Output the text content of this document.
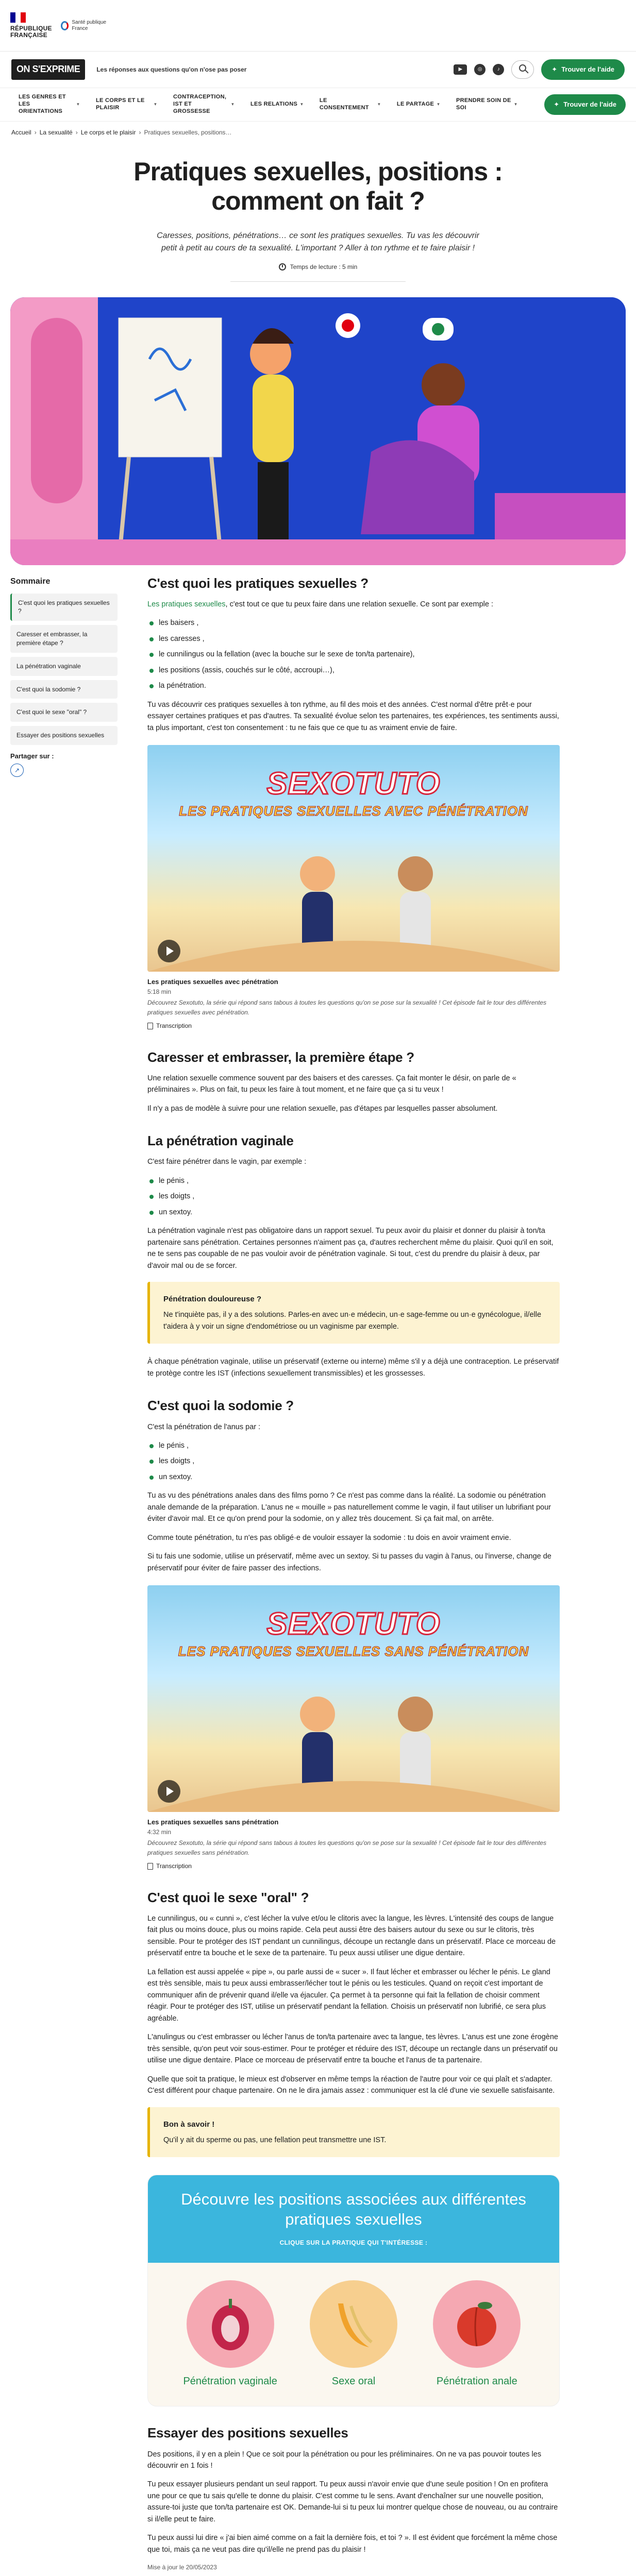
RÉPUBLIQUE FRANÇAISE
Santé publique France
ON S'EXPRIME	Les réponses aux questions qu'on n'ose pas poser	▶	◎	♪	✦ Trouver de l'aide
LES GENRES ET LES ORIENTATIONS
▾
LE CORPS ET LE PLAISIR
▾
CONTRACEPTION, IST ET GROSSESSE
▾	LES RELATIONS ▾
LE CONSENTEMENT
▾	LE PARTAGE ▾
PRENDRE SOIN DE SOI
▾	✦ Trouver de l'aide
Accueil › La sexualité › Le corps et le plaisir › Pratiques sexuelles, positions…
Pratiques sexuelles, positions : comment on fait ?

Caresses, positions, pénétrations… ce sont les pratiques sexuelles. Tu vas les découvrir petit à petit au cours de ta sexualité. L'important ? Aller à ton rythme et te faire plaisir !

Temps de lecture : 5 min
Sommaire
C'est quoi les pratiques sexuelles ?
Caresser et embrasser, la première étape ?
La pénétration vaginale
C'est quoi la sodomie ?
C'est quoi le sexe "oral" ?
Essayer des positions sexuelles
Partager sur :
↗
C'est quoi les pratiques sexuelles ?

Les pratiques sexuelles, c'est tout ce que tu peux faire dans une relation sexuelle. Ce sont par exemple :

les baisers ,
les caresses ,
le cunnilingus ou la fellation (avec la bouche sur le sexe de ton/ta partenaire),
les positions (assis, couchés sur le côté, accroupi…),
la pénétration.

Tu vas découvrir ces pratiques sexuelles à ton rythme, au fil des mois et des années. C'est normal d'être prêt·e pour essayer certaines pratiques et pas d'autres. Ta sexualité évolue selon tes partenaires, tes expériences, tes sentiments aussi, ta plus important, c'est ton consentement : tu ne fais que ce que tu as vraiment envie de faire.

SEXOTUTO
LES PRATIQUES SEXUELLES AVEC PÉNÉTRATION
Les pratiques sexuelles avec pénétration
5:18 min
Découvrez Sexotuto, la série qui répond sans tabous à toutes les questions qu'on se pose sur la sexualité ! Cet épisode fait le tour des différentes pratiques sexuelles avec pénétration.
Transcription
Caresser et embrasser, la première étape ?

Une relation sexuelle commence souvent par des baisers et des caresses. Ça fait monter le désir, on parle de « préliminaires ». Plus on fait, tu peux les faire à tout moment, et ne faire que ça si tu veux !

Il n'y a pas de modèle à suivre pour une relation sexuelle, pas d'étapes par lesquelles passer absolument.

La pénétration vaginale

C'est faire pénétrer dans le vagin, par exemple :

le pénis ,
les doigts ,
un sextoy.

La pénétration vaginale n'est pas obligatoire dans un rapport sexuel. Tu peux avoir du plaisir et donner du plaisir à ton/ta partenaire sans pénétration. Certaines personnes n'aiment pas ça, d'autres recherchent même du plaisir. Quoi qu'il en soit, ne te sens pas coupable de ne pas vouloir avoir de pénétration vaginale. Si tout, c'est du prendre du plaisir à deux, par d'avoir mal ou de se forcer.

Pénétration douloureuse ?

Ne t'inquiète pas, il y a des solutions. Parles-en avec un·e médecin, un·e sage-femme ou un·e gynécologue, il/elle t'aidera à y voir un signe d'endométriose ou un vaginisme par exemple.

À chaque pénétration vaginale, utilise un préservatif (externe ou interne) même s'il y a déjà une contraception. Le préservatif te protège contre les IST (infections sexuellement transmissibles) et les grossesses.

C'est quoi la sodomie ?

C'est la pénétration de l'anus par :

le pénis ,
les doigts ,
un sextoy.

Tu as vu des pénétrations anales dans des films porno ? Ce n'est pas comme dans la réalité. La sodomie ou pénétration anale demande de la préparation. L'anus ne « mouille » pas naturellement comme le vagin, il faut utiliser un lubrifiant pour éviter d'avoir mal. Et ce qu'on prend pour la sodomie, on y allez très doucement. Si ça fait mal, on arrête.

Comme toute pénétration, tu n'es pas obligé·e de vouloir essayer la sodomie : tu dois en avoir vraiment envie.

Si tu fais une sodomie, utilise un préservatif, même avec un sextoy. Si tu passes du vagin à l'anus, ou l'inverse, change de préservatif pour éviter de faire passer des infections.

SEXOTUTO
LES PRATIQUES SEXUELLES SANS PÉNÉTRATION
Les pratiques sexuelles sans pénétration
4:32 min
Découvrez Sexotuto, la série qui répond sans tabous à toutes les questions qu'on se pose sur la sexualité ! Cet épisode fait le tour des différentes pratiques sexuelles sans pénétration.
Transcription
C'est quoi le sexe "oral" ?

Le cunnilingus, ou « cunni », c'est lécher la vulve et/ou le clitoris avec la langue, les lèvres. L'intensité des coups de langue fait plus ou moins douce, plus ou moins rapide. Cela peut aussi être des baisers autour du sexe ou sur le clitoris, très sensible. Pour te protéger des IST pendant un cunnilingus, découpe un rectangle dans un préservatif. Place ce morceau de préservatif entre ta bouche et le sexe de ta partenaire. Tu peux aussi utiliser une digue dentaire.

La fellation est aussi appelée « pipe », ou parle aussi de « sucer ». Il faut lécher et embrasser ou lécher le pénis. Le gland est très sensible, mais tu peux aussi embrasser/lécher tout le pénis ou les testicules. Quand on reçoit c'est important de communiquer afin de prévenir quand il/elle va éjaculer. Ça permet à ta personne qui fait la fellation de choisir comment réagir. Pour te protéger des IST, utilise un préservatif pendant la fellation. Choisis un préservatif non lubrifié, ce sera plus agréable.

L'anulingus ou c'est embrasser ou lécher l'anus de ton/ta partenaire avec ta langue, tes lèvres. L'anus est une zone érogène très sensible, qu'on peut voir sous-estimer. Pour te protéger et réduire des IST, découpe un rectangle dans un préservatif ou utilise une digue dentaire. Place ce morceau de préservatif entre ta bouche et l'anus de ta partenaire.

Quelle que soit ta pratique, le mieux est d'observer en même temps la réaction de l'autre pour voir ce qui plaît et s'adapter. C'est différent pour chaque partenaire. On ne le dira jamais assez : communiquer est la clé d'une vie sexuelle satisfaisante.

Bon à savoir !

Qu'il y ait du sperme ou pas, une fellation peut transmettre une IST.

Découvre les positions associées aux différentes pratiques sexuelles
CLIQUE SUR LA PRATIQUE QUI T'INTÉRESSE :
Pénétration vaginale	Sexe oral	Pénétration anale
Essayer des positions sexuelles

Des positions, il y en a plein ! Que ce soit pour la pénétration ou pour les préliminaires. On ne va pas pouvoir toutes les découvrir en 1 fois !

Tu peux essayer plusieurs pendant un seul rapport. Tu peux aussi n'avoir envie que d'une seule position ! On en profitera une pour ce que tu sais qu'elle te donne du plaisir. C'est comme tu le sens. Avant d'enchaîner sur une nouvelle position, assure-toi juste que ton/ta partenaire est OK. Demande-lui si tu peux lui montrer quelque chose de nouveau, ou au contraire si il/elle peut te faire.

Tu peux aussi lui dire « j'ai bien aimé comme on a fait la dernière fois, et toi ? ». Il est évident que forcément la même chose que toi, mais ça ne veut pas dire qu'il/elle ne prend pas du plaisir !

Mise à jour le 20/05/2023
